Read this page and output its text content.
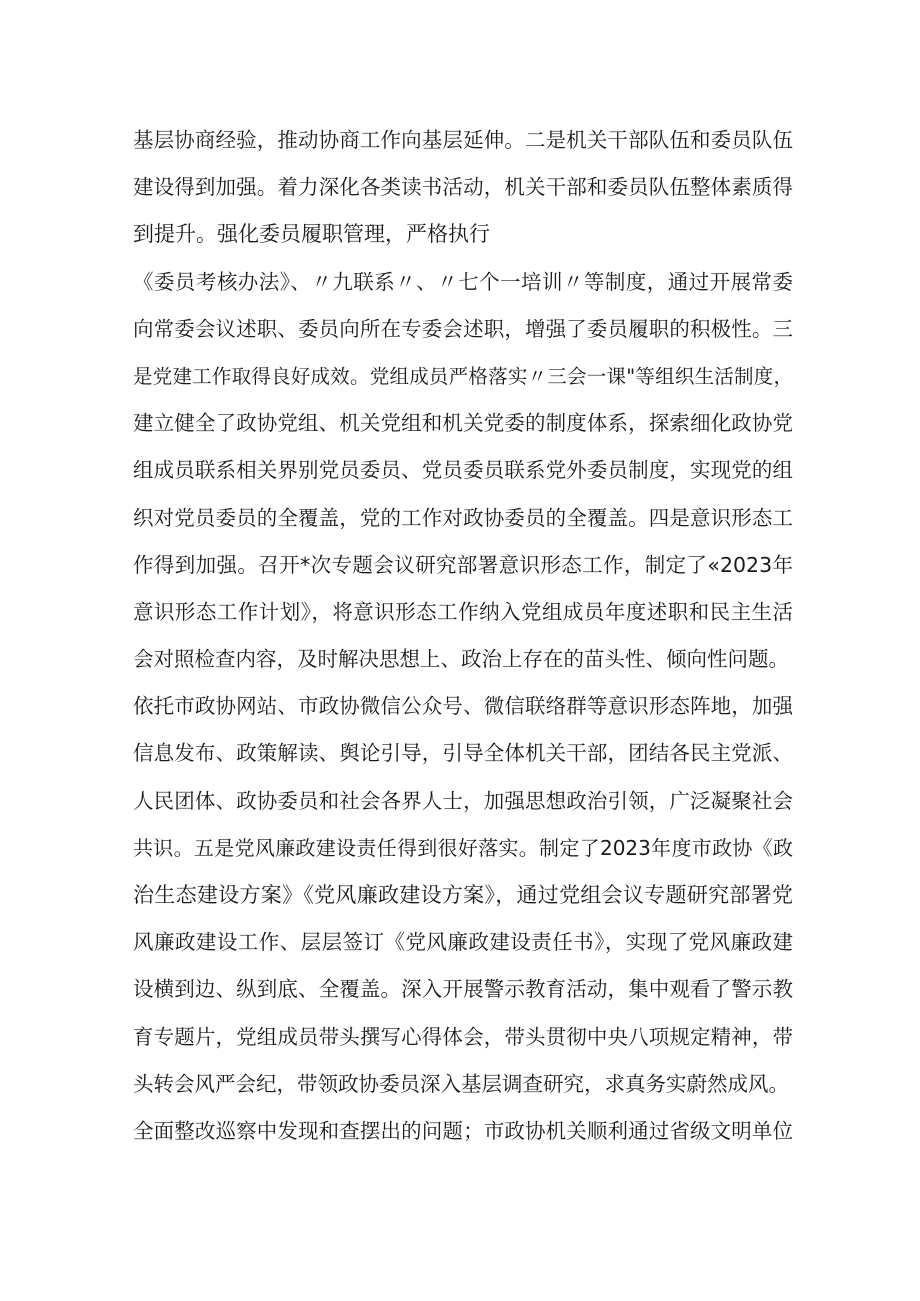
基层协商经验，推动协商工作向基层延伸。二是机关干部队伍和委员队伍
建设得到加强。着力深化各类读书活动，机关干部和委员队伍整体素质得
到提升。强化委员履职管理，严格执行
《委员考核办法》、〃九联系〃、〃七个一培训〃等制度，通过开展常委
向常委会议述职、委员向所在专委会述职，增强了委员履职的积极性。三
是党建工作取得良好成效。党组成员严格落实〃三会一课"等组织生活制度，
建立健全了政协党组、机关党组和机关党委的制度体系，探索细化政协党
组成员联系相关界别党员委员、党员委员联系党外委员制度，实现党的组
织对党员委员的全覆盖，党的工作对政协委员的全覆盖。四是意识形态工
作得到加强。召开*次专题会议研究部署意识形态工作，制定了«2023年
意识形态工作计划》，将意识形态工作纳入党组成员年度述职和民主生活
会对照检查内容，及时解决思想上、政治上存在的苗头性、倾向性问题。
依托市政协网站、市政协微信公众号、微信联络群等意识形态阵地，加强
信息发布、政策解读、舆论引导，引导全体机关干部，团结各民主党派、
人民团体、政协委员和社会各界人士，加强思想政治引领，广泛凝聚社会
共识。五是党风廉政建设责任得到很好落实。制定了2023年度市政协《政
治生态建设方案》《党风廉政建设方案》，通过党组会议专题研究部署党
风廉政建设工作、层层签订《党风廉政建设责任书》，实现了党风廉政建
设横到边、纵到底、全覆盖。深入开展警示教育活动，集中观看了警示教
育专题片，党组成员带头撰写心得体会，带头贯彻中央八项规定精神，带
头转会风严会纪，带领政协委员深入基层调查研究，求真务实蔚然成风。
全面整改巡察中发现和查摆出的问题；市政协机关顺利通过省级文明单位
